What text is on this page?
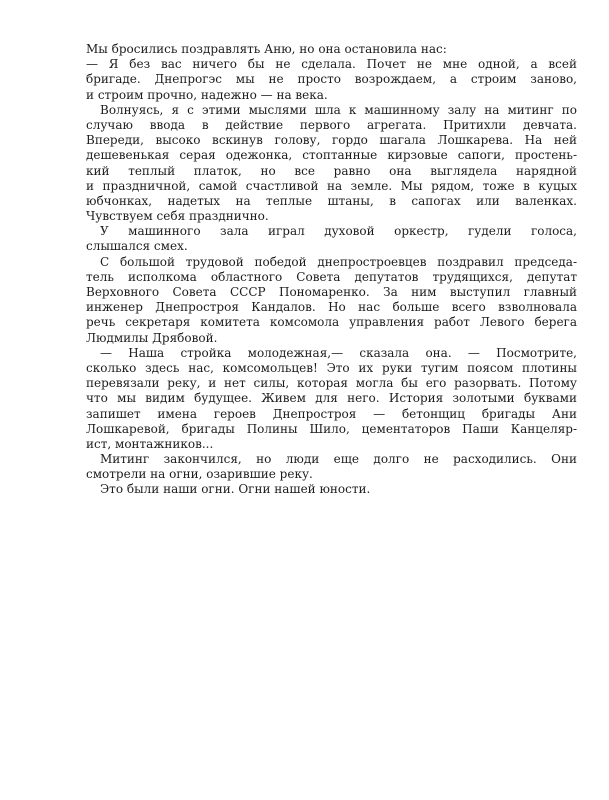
Мы бросились поздравлять Аню, но она остановила нас:
— Я без вас ничего бы не сделала. Почет не мне одной, а всей
бригаде. Днепрогэс мы не просто возрождаем, а строим заново,
и строим прочно, надежно — на века.
Волнуясь, я с этими мыслями шла к машинному залу на митинг по
случаю ввода в действие первого агрегата. Притихли девчата.
Впереди, высоко вскинув голову, гордо шагала Лошкарева. На ней
дешевенькая серая одежонка, стоптанные кирзовые сапоги, простень-
кий теплый платок, но все равно она выглядела нарядной
и праздничной, самой счастливой на земле. Мы рядом, тоже в куцых
юбчонках, надетых на теплые штаны, в сапогах или валенках.
Чувствуем себя празднично.
У машинного зала играл духовой оркестр, гудели голоса,
слышался смех.
С большой трудовой победой днепростроевцев поздравил председа-
тель исполкома областного Совета депутатов трудящихся, депутат
Верховного Совета СССР Пономаренко. За ним выступил главный
инженер Днепростроя Кандалов. Но нас больше всего взволновала
речь секретаря комитета комсомола управления работ Левого берега
Людмилы Дрябовой.
— Наша стройка молодежная,— сказала она. — Посмотрите,
сколько здесь нас, комсомольцев! Это их руки тугим поясом плотины
перевязали реку, и нет силы, которая могла бы его разорвать. Потому
что мы видим будущее. Живем для него. История золотыми буквами
запишет имена героев Днепростроя — бетонщиц бригады Ани
Лошкаревой, бригады Полины Шило, цементаторов Паши Канцеляр-
ист, монтажников...
Митинг закончился, но люди еще долго не расходились. Они
смотрели на огни, озарившие реку.
Это были наши огни. Огни нашей юности.
